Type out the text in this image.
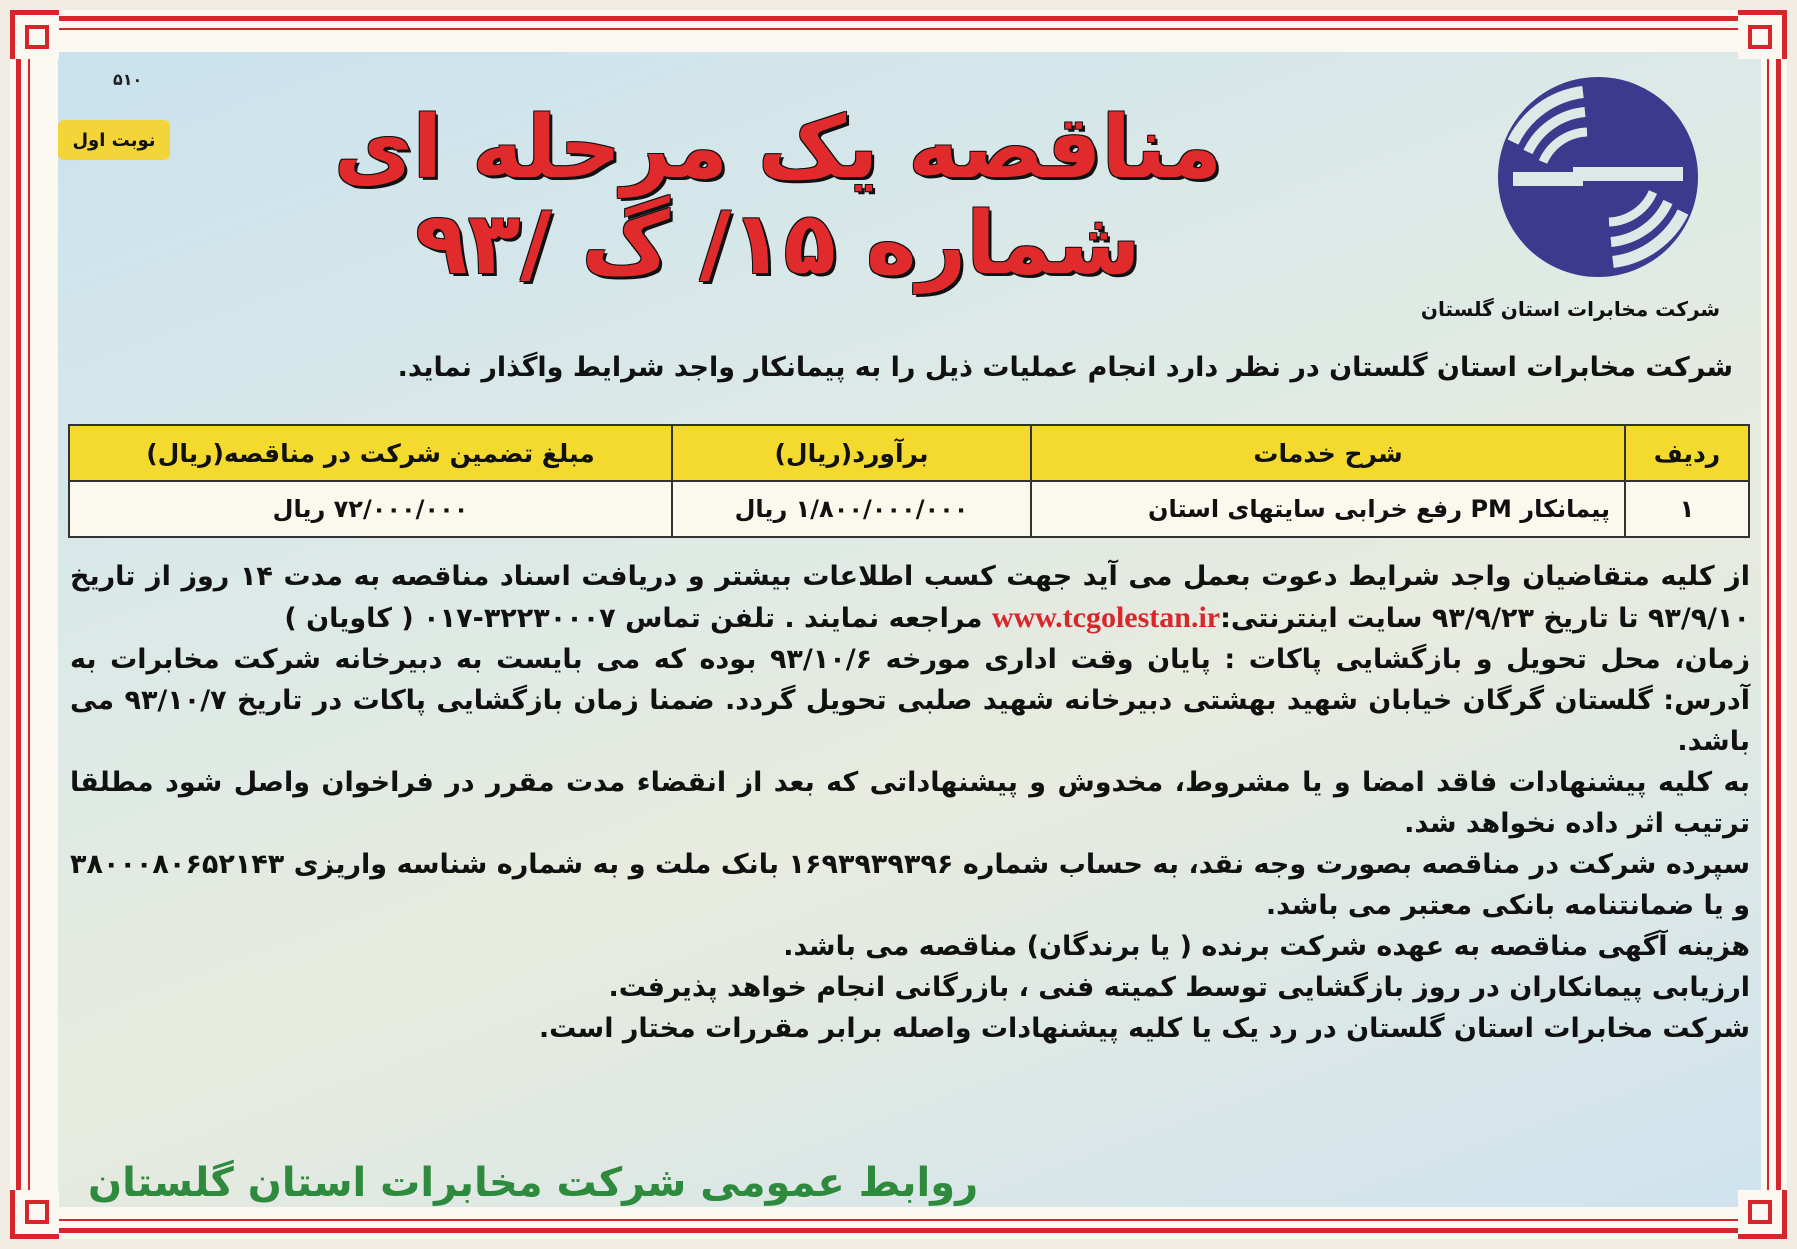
۵۱۰
نوبت اول	مناقصه یک مرحله ای
شماره ۱۵/ گ /۹۳
شرکت مخابرات استان گلستان
شرکت مخابرات استان گلستان در نظر دارد انجام عملیات ذیل را به پیمانکار واجد شرایط واگذار نماید.
ردیف	شرح خدمات	برآورد(ریال)	مبلغ تضمین شرکت در مناقصه(ریال)
۱	پیمانکار PM رفع خرابی سایتهای استان	۱/۸۰۰/۰۰۰/۰۰۰ ریال	۷۲/۰۰۰/۰۰۰ ریال

از کلیه متقاضیان واجد شرایط دعوت بعمل می آید جهت کسب اطلاعات بیشتر و دریافت اسناد مناقصه به مدت ۱۴ روز از تاریخ ۹۳/۹/۱۰ تا تاریخ ۹۳/۹/۲۳ سایت اینترنتی:www.tcgolestan.ir مراجعه نمایند . تلفن تماس ۳۲۲۳۰۰۰۷-۰۱۷ ( کاویان )

زمان، محل تحویل و بازگشایی پاکات : پایان وقت اداری مورخه ۹۳/۱۰/۶ بوده که می بایست به دبیرخانه شرکت مخابرات به آدرس: گلستان گرگان خیابان شهید بهشتی دبیرخانه شهید صلبی تحویل گردد. ضمنا زمان بازگشایی پاکات در تاریخ ۹۳/۱۰/۷ می باشد.

به کلیه پیشنهادات فاقد امضا و یا مشروط، مخدوش و پیشنهاداتی که بعد از انقضاء مدت مقرر در فراخوان واصل شود مطلقا ترتیب اثر داده نخواهد شد.

سپرده شرکت در مناقصه بصورت وجه نقد، به حساب شماره ۱۶۹۳۹۳۹۳۹۶ بانک ملت و به شماره شناسه واریزی ۳۸۰۰۰۸۰۶۵۲۱۴۳ و یا ضمانتنامه بانکی معتبر می باشد.

هزینه آگهی مناقصه به عهده شرکت برنده ( یا برندگان) مناقصه می باشد.

ارزیابی پیمانکاران در روز بازگشایی توسط کمیته فنی ، بازرگانی انجام خواهد پذیرفت.

شرکت مخابرات استان گلستان در رد یک یا کلیه پیشنهادات واصله برابر مقررات مختار است.

روابط عمومی شرکت مخابرات استان گلستان
